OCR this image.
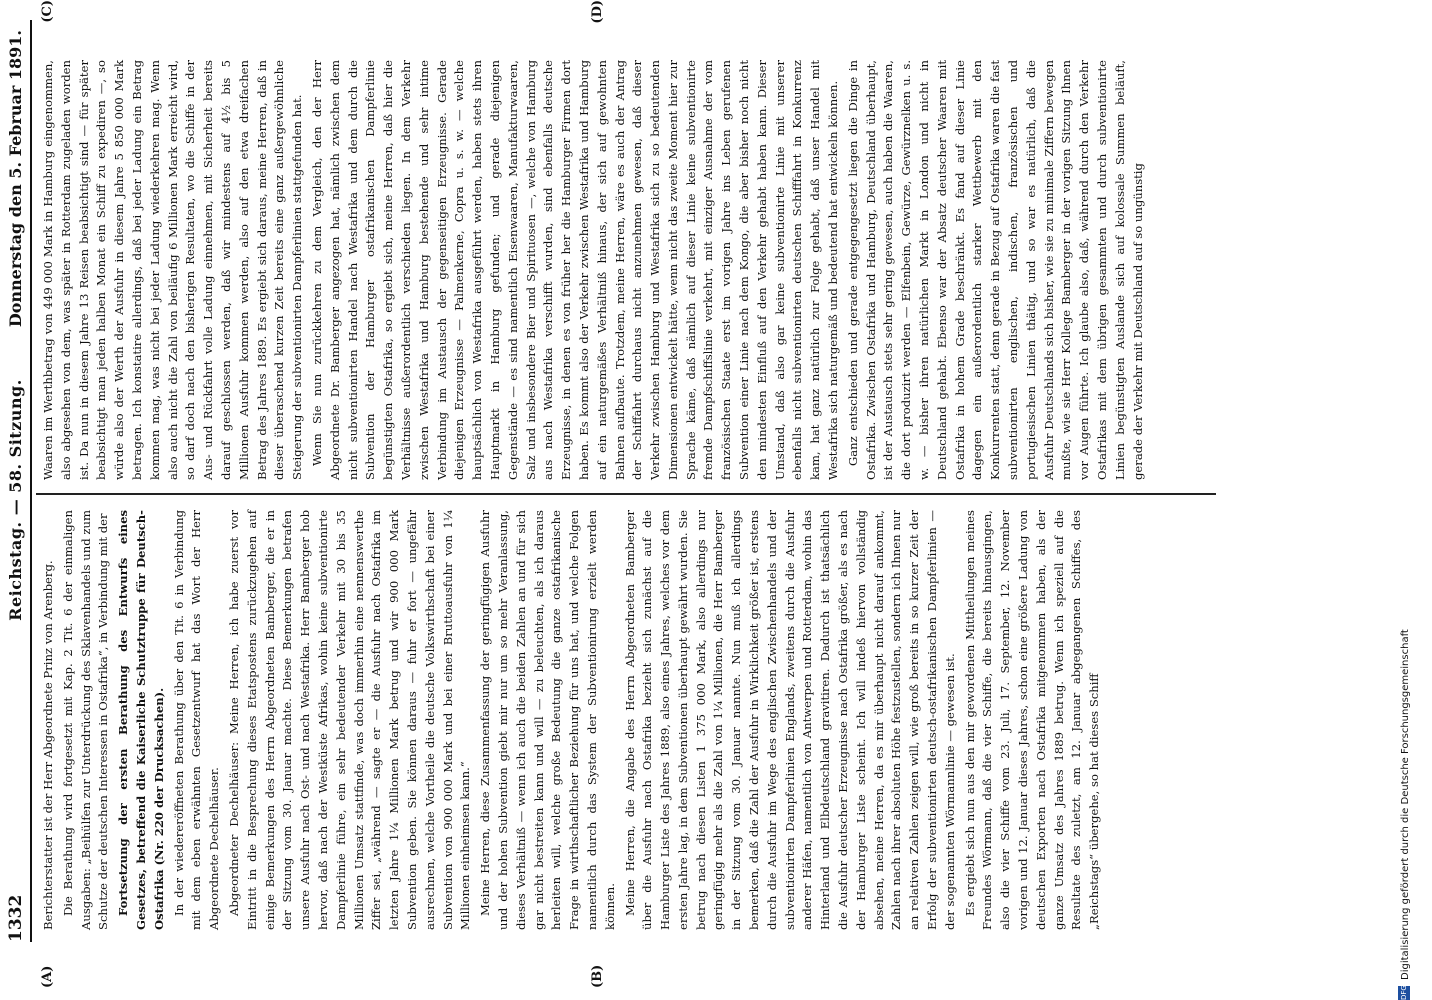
1332
Reichstag. — 58. Sitzung.
Donnerstag den 5. Februar 1891.
(A)	(B)
(C)	(D)

Berichterstatter ist der Herr Abgeordnete Prinz von Arenberg. Die Berathung wird fortgesetzt mit Kap. 2 Tit. 6 der einmaligen Ausgaben: „Beihülfen zur Unterdrückung des Sklavenhandels und zum Schutze der deutschen Interessen in Ostafrika“, in Verbindung mit der Fortsetzung der ersten Berathung des Entwurfs eines Gesetzes, betreffend die Kaiserliche Schutztruppe für Deutsch-Ostafrika (Nr. 220 der Drucksachen). In der wiedereröffneten Berathung über den Tit. 6 in Verbindung mit dem eben erwähnten Gesetzentwurf hat das Wort der Herr Abgeordnete Dechelhäuser. Abgeordneter Dechelhäuser: Meine Herren, ich habe zuerst vor Eintritt in die Besprechung dieses Etatspostens zurückzugehen auf einige Bemerkungen des Herrn Abgeordneten Bamberger, die er in der Sitzung vom 30. Januar machte. Diese Bemerkungen betrafen unsere Ausfuhr nach Ost- und nach Westafrika. Herr Bamberger hob hervor, daß nach der Westküste Afrikas, wohin keine subventionirte Dampferlinie führe, ein sehr bedeutender Verkehr mit 30 bis 35 Millionen Umsatz stattfinde, was doch immerhin eine nennenswerthe Ziffer sei, „während — sagte er — die Ausfuhr nach Ostafrika im letzten Jahre 1¼ Millionen Mark betrug und wir 900 000 Mark Subvention geben. Sie können daraus — fuhr er fort — ungefähr ausrechnen, welche Vortheile die deutsche Volkswirthschaft bei einer Subvention von 900 000 Mark und bei einer Bruttoausfuhr von 1¼ Millionen einheimsen kann.“ Meine Herren, diese Zusammenfassung der geringfügigen Ausfuhr und der hohen Subvention giebt mir nur um so mehr Veranlassung, dieses Verhältniß — wenn ich auch die beiden Zahlen an und für sich gar nicht bestreiten kann und will — zu beleuchten, als ich daraus herleiten will, welche große Bedeutung die ganze ostafrikanische Frage in wirthschaftlicher Beziehung für uns hat, und welche Folgen namentlich durch das System der Subventionirung erzielt werden können. Meine Herren, die Angabe des Herrn Abgeordneten Bamberger über die Ausfuhr nach Ostafrika bezieht sich zunächst auf die Hamburger Liste des Jahres 1889, also eines Jahres, welches vor dem ersten Jahre lag, in dem Subventionen überhaupt gewährt wurden. Sie betrug nach diesen Listen 1 375 000 Mark, also allerdings nur geringfügig mehr als die Zahl von 1¼ Millionen, die Herr Bamberger in der Sitzung vom 30. Januar nannte. Nun muß ich allerdings bemerken, daß die Zahl der Ausfuhr in Wirklichkeit größer ist, erstens durch die Ausfuhr im Wege des englischen Zwischenhandels und der subventionirten Dampferlinien Englands, zweitens durch die Ausfuhr anderer Häfen, namentlich von Antwerpen und Rotterdam, wohin das Hinterland und Elbdeutschland gravitiren. Dadurch ist thatsächlich die Ausfuhr deutscher Erzeugnisse nach Ostafrika größer, als es nach der Hamburger Liste scheint. Ich will indeß hiervon vollständig absehen, meine Herren, da es mir überhaupt nicht darauf ankommt, Zahlen nach ihrer absoluten Höhe festzustellen, sondern ich Ihnen nur an relativen Zahlen zeigen will, wie groß bereits in so kurzer Zeit der Erfolg der subventionirten deutsch-ostafrikanischen Dampferlinien — der sogenannten Wörmannlinie — gewesen ist. Es ergiebt sich nun aus den mir gewordenen Mittheilungen meines Freundes Wörmann, daß die vier Schiffe, die bereits hinausgingen, also die vier Schiffe vom 23. Juli, 17. September, 12. November vorigen und 12. Januar dieses Jahres, schon eine größere Ladung von deutschen Exporten nach Ostafrika mitgenommen haben, als der ganze Umsatz des Jahres 1889 betrug. Wenn ich speziell auf die Resultate des zuletzt, am 12. Januar abgegangenen Schiffes, des „Reichstags“ übergehe, so hat dieses Schiff

Waaren im Werthbetrag von 449 000 Mark in Hamburg eingenommen, also abgesehen von dem, was später in Rotterdam zugeladen worden ist. Da nun in diesem Jahre 13 Reisen beabsichtigt sind — für später beabsichtigt man jeden halben Monat ein Schiff zu expediren —, so würde also der Werth der Ausfuhr in diesem Jahre 5 850 000 Mark betragen. Ich konstatire allerdings, daß bei jeder Ladung ein Betrag kommen mag, was nicht bei jeder Ladung wiederkehren mag. Wenn also auch nicht die Zahl von beiläufig 6 Millionen Mark erreicht wird, so darf doch nach den bisherigen Resultaten, wo die Schiffe in der Aus- und Rückfahrt volle Ladung einnehmen, mit Sicherheit bereits darauf geschlossen werden, daß wir mindestens auf 4½ bis 5 Millionen Ausfuhr kommen werden, also auf den etwa dreifachen Betrag des Jahres 1889. Es ergiebt sich daraus, meine Herren, daß in dieser überaschend kurzen Zeit bereits eine ganz außergewöhnliche Steigerung der subventionirten Dampferlinien stattgefunden hat. Wenn Sie nun zurückkehren zu dem Vergleich, den der Herr Abgeordnete Dr. Bamberger angezogen hat, nämlich zwischen dem nicht subventionirten Handel nach Westafrika und dem durch die Subvention der Hamburger ostafrikanischen Dampferlinie begünstigten Ostafrika, so ergiebt sich, meine Herren, daß hier die Verhältnisse außerordentlich verschieden liegen. In dem Verkehr zwischen Westafrika und Hamburg bestehende und sehr intime Verbindung im Austausch der gegenseitigen Erzeugnisse. Gerade diejenigen Erzeugnisse — Palmenkerne, Copra u. s. w. — welche hauptsächlich von Westafrika ausgeführt werden, haben stets ihren Hauptmarkt in Hamburg gefunden; und gerade diejenigen Gegenstände — es sind namentlich Eisenwaaren, Manufakturwaaren, Salz und insbesondere Bier und Spirituosen —, welche von Hamburg aus nach Westafrika verschifft wurden, sind ebenfalls deutsche Erzeugnisse, in denen es von früher her die Hamburger Firmen dort haben. Es kommt also der Verkehr zwischen Westafrika und Hamburg auf ein naturgemäßes Verhältniß hinaus, der sich auf gewohnten Bahnen aufbaute. Trotzdem, meine Herren, wäre es auch der Antrag der Schiffahrt durchaus nicht anzunehmen gewesen, daß dieser Verkehr zwischen Hamburg und Westafrika sich zu so bedeutenden Dimensionen entwickelt hätte, wenn nicht das zweite Moment hier zur Sprache käme, daß nämlich auf dieser Linie keine subventionirte fremde Dampfschiffslinie verkehrt, mit einziger Ausnahme der vom französischen Staate erst im vorigen Jahre ins Leben gerufenen Subvention einer Linie nach dem Kongo, die aber bisher noch nicht den mindesten Einfluß auf den Verkehr gehabt haben kann. Dieser Umstand, daß also gar keine subventionirte Linie mit unserer ebenfalls nicht subventionirten deutschen Schifffahrt in Konkurrenz kam, hat ganz natürlich zur Folge gehabt, daß unser Handel mit Westafrika sich naturgemäß und bedeutend hat entwickeln können. Ganz entschieden und gerade entgegengesetzt liegen die Dinge in Ostafrika. Zwischen Ostafrika und Hamburg, Deutschland überhaupt, ist der Austausch stets sehr gering gewesen, auch haben die Waaren, die dort produzirt werden — Elfenbein, Gewürze, Gewürznelken u. s. w. — bisher ihren natürlichen Markt in London und nicht in Deutschland gehabt. Ebenso war der Absatz deutscher Waaren mit Ostafrika in hohem Grade beschränkt. Es fand auf dieser Linie dagegen ein außerordentlich starker Wettbewerb mit den Konkurrenten statt, denn gerade in Bezug auf Ostafrika waren die fast subventionirten englischen, indischen, französischen und portugiesischen Linien thätig, und so war es natürlich, daß die Ausfuhr Deutschlands sich bisher, wie sie zu minimale Ziffern bewegen mußte, wie sie Herr Kollege Bamberger in der vorigen Sitzung Ihnen vor Augen führte. Ich glaube also, daß, während durch den Verkehr Ostafrikas mit dem übrigen gesammten und durch subventionirte Linien begünstigten Auslande sich auf kolossale Summen beläuft, gerade der Verkehr mit Deutschland auf so ungünstig

DFG
Digitalisierung gefördert durch die Deutsche Forschungsgemeinschaft
